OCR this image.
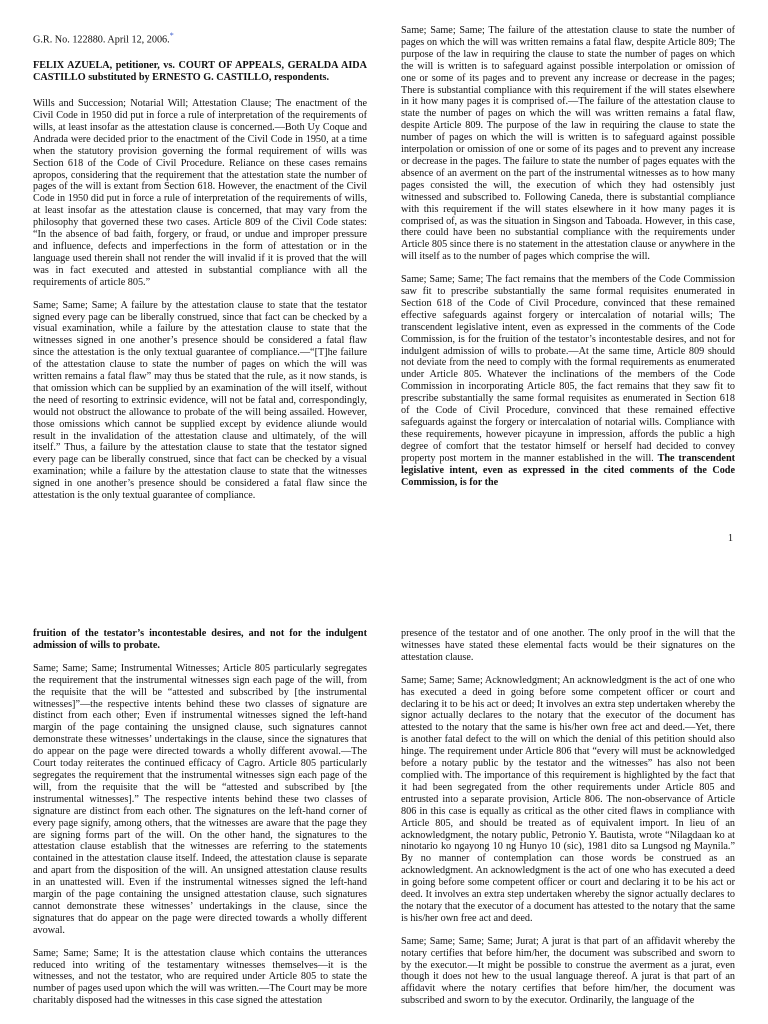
G.R. No. 122880. April 12, 2006.*

FELIX AZUELA, petitioner, vs. COURT OF APPEALS, GERALDA AIDA CASTILLO substituted by ERNESTO G. CASTILLO, respondents.

Wills and Succession; Notarial Will; Attestation Clause; The enactment of the Civil Code in 1950 did put in force a rule of interpretation of the requirements of wills, at least insofar as the attestation clause is concerned.—Both Uy Coque and Andrada were decided prior to the enactment of the Civil Code in 1950, at a time when the statutory provision governing the formal requirement of wills was Section 618 of the Code of Civil Procedure. Reliance on these cases remains apropos, considering that the requirement that the attestation state the number of pages of the will is extant from Section 618. However, the enactment of the Civil Code in 1950 did put in force a rule of interpretation of the requirements of wills, at least insofar as the attestation clause is concerned, that may vary from the philosophy that governed these two cases. Article 809 of the Civil Code states: “In the absence of bad faith, forgery, or fraud, or undue and improper pressure and influence, defects and imperfections in the form of attestation or in the language used therein shall not render the will invalid if it is proved that the will was in fact executed and attested in substantial compliance with all the requirements of article 805.”

Same; Same; Same; A failure by the attestation clause to state that the testator signed every page can be liberally construed, since that fact can be checked by a visual examination, while a failure by the attestation clause to state that the witnesses signed in one another’s presence should be considered a fatal flaw since the attestation is the only textual guarantee of compliance.—“[T]he failure of the attestation clause to state the number of pages on which the will was written remains a fatal flaw” may thus be stated that the rule, as it now stands, is that omission which can be supplied by an examination of the will itself, without the need of resorting to extrinsic evidence, will not be fatal and, correspondingly, would not obstruct the allowance to probate of the will being assailed. However, those omissions which cannot be supplied except by evidence aliunde would result in the invalidation of the attestation clause and ultimately, of the will itself.” Thus, a failure by the attestation clause to state that the testator signed every page can be liberally construed, since that fact can be checked by a visual examination; while a failure by the attestation clause to state that the witnesses signed in one another’s presence should be considered a fatal flaw since the attestation is the only textual guarantee of compliance.

Same; Same; Same; The failure of the attestation clause to state the number of pages on which the will was written remains a fatal flaw, despite Article 809; The purpose of the law in requiring the clause to state the number of pages on which the will is written is to safeguard against possible interpolation or omission of one or some of its pages and to prevent any increase or decrease in the pages; There is substantial compliance with this requirement if the will states elsewhere in it how many pages it is comprised of.—The failure of the attestation clause to state the number of pages on which the will was written remains a fatal flaw, despite Article 809. The purpose of the law in requiring the clause to state the number of pages on which the will is written is to safeguard against possible interpolation or omission of one or some of its pages and to prevent any increase or decrease in the pages. The failure to state the number of pages equates with the absence of an averment on the part of the instrumental witnesses as to how many pages consisted the will, the execution of which they had ostensibly just witnessed and subscribed to. Following Caneda, there is substantial compliance with this requirement if the will states elsewhere in it how many pages it is comprised of, as was the situation in Singson and Taboada. However, in this case, there could have been no substantial compliance with the requirements under Article 805 since there is no statement in the attestation clause or anywhere in the will itself as to the number of pages which comprise the will.

Same; Same; Same; The fact remains that the members of the Code Commission saw fit to prescribe substantially the same formal requisites enumerated in Section 618 of the Code of Civil Procedure, convinced that these remained effective safeguards against forgery or intercalation of notarial wills; The transcendent legislative intent, even as expressed in the comments of the Code Commission, is for the fruition of the testator’s incontestable desires, and not for indulgent admission of wills to probate.—At the same time, Article 809 should not deviate from the need to comply with the formal requirements as enumerated under Article 805. Whatever the inclinations of the members of the Code Commission in incorporating Article 805, the fact remains that they saw fit to prescribe substantially the same formal requisites as enumerated in Section 618 of the Code of Civil Procedure, convinced that these remained effective safeguards against the forgery or intercalation of notarial wills. Compliance with these requirements, however picayune in impression, affords the public a high degree of comfort that the testator himself or herself had decided to convey property post mortem in the manner established in the will. The transcendent legislative intent, even as expressed in the cited comments of the Code Commission, is for the

1

fruition of the testator’s incontestable desires, and not for the indulgent admission of wills to probate.

Same; Same; Same; Instrumental Witnesses; Article 805 particularly segregates the requirement that the instrumental witnesses sign each page of the will, from the requisite that the will be “attested and subscribed by [the instrumental witnesses]”—the respective intents behind these two classes of signature are distinct from each other; Even if instrumental witnesses signed the left-hand margin of the page containing the unsigned clause, such signatures cannot demonstrate these witnesses’ undertakings in the clause, since the signatures that do appear on the page were directed towards a wholly different avowal.—The Court today reiterates the continued efficacy of Cagro. Article 805 particularly segregates the requirement that the instrumental witnesses sign each page of the will, from the requisite that the will be “attested and subscribed by [the instrumental witnesses].” The respective intents behind these two classes of signature are distinct from each other. The signatures on the left-hand corner of every page signify, among others, that the witnesses are aware that the page they are signing forms part of the will. On the other hand, the signatures to the attestation clause establish that the witnesses are referring to the statements contained in the attestation clause itself. Indeed, the attestation clause is separate and apart from the disposition of the will. An unsigned attestation clause results in an unattested will. Even if the instrumental witnesses signed the left-hand margin of the page containing the unsigned attestation clause, such signatures cannot demonstrate these witnesses’ undertakings in the clause, since the signatures that do appear on the page were directed towards a wholly different avowal.

Same; Same; Same; It is the attestation clause which contains the utterances reduced into writing of the testamentary witnesses themselves—it is the witnesses, and not the testator, who are required under Article 805 to state the number of pages used upon which the will was written.—The Court may be more charitably disposed had the witnesses in this case signed the attestation

presence of the testator and of one another. The only proof in the will that the witnesses have stated these elemental facts would be their signatures on the attestation clause.

Same; Same; Same; Acknowledgment; An acknowledgment is the act of one who has executed a deed in going before some competent officer or court and declaring it to be his act or deed; It involves an extra step undertaken whereby the signor actually declares to the notary that the executor of the document has attested to the notary that the same is his/her own free act and deed.—Yet, there is another fatal defect to the will on which the denial of this petition should also hinge. The requirement under Article 806 that “every will must be acknowledged before a notary public by the testator and the witnesses” has also not been complied with. The importance of this requirement is highlighted by the fact that it had been segregated from the other requirements under Article 805 and entrusted into a separate provision, Article 806. The non-observance of Article 806 in this case is equally as critical as the other cited flaws in compliance with Article 805, and should be treated as of equivalent import. In lieu of an acknowledgment, the notary public, Petronio Y. Bautista, wrote “Nilagdaan ko at ninotario ko ngayong 10 ng Hunyo 10 (sic), 1981 dito sa Lungsod ng Maynila.” By no manner of contemplation can those words be construed as an acknowledgment. An acknowledgment is the act of one who has executed a deed in going before some competent officer or court and declaring it to be his act or deed. It involves an extra step undertaken whereby the signor actually declares to the notary that the executor of a document has attested to the notary that the same is his/her own free act and deed.

Same; Same; Same; Same; Jurat; A jurat is that part of an affidavit whereby the notary certifies that before him/her, the document was subscribed and sworn to by the executor.—It might be possible to construe the averment as a jurat, even though it does not hew to the usual language thereof. A jurat is that part of an affidavit where the notary certifies that before him/her, the document was subscribed and sworn to by the executor. Ordinarily, the language of the
